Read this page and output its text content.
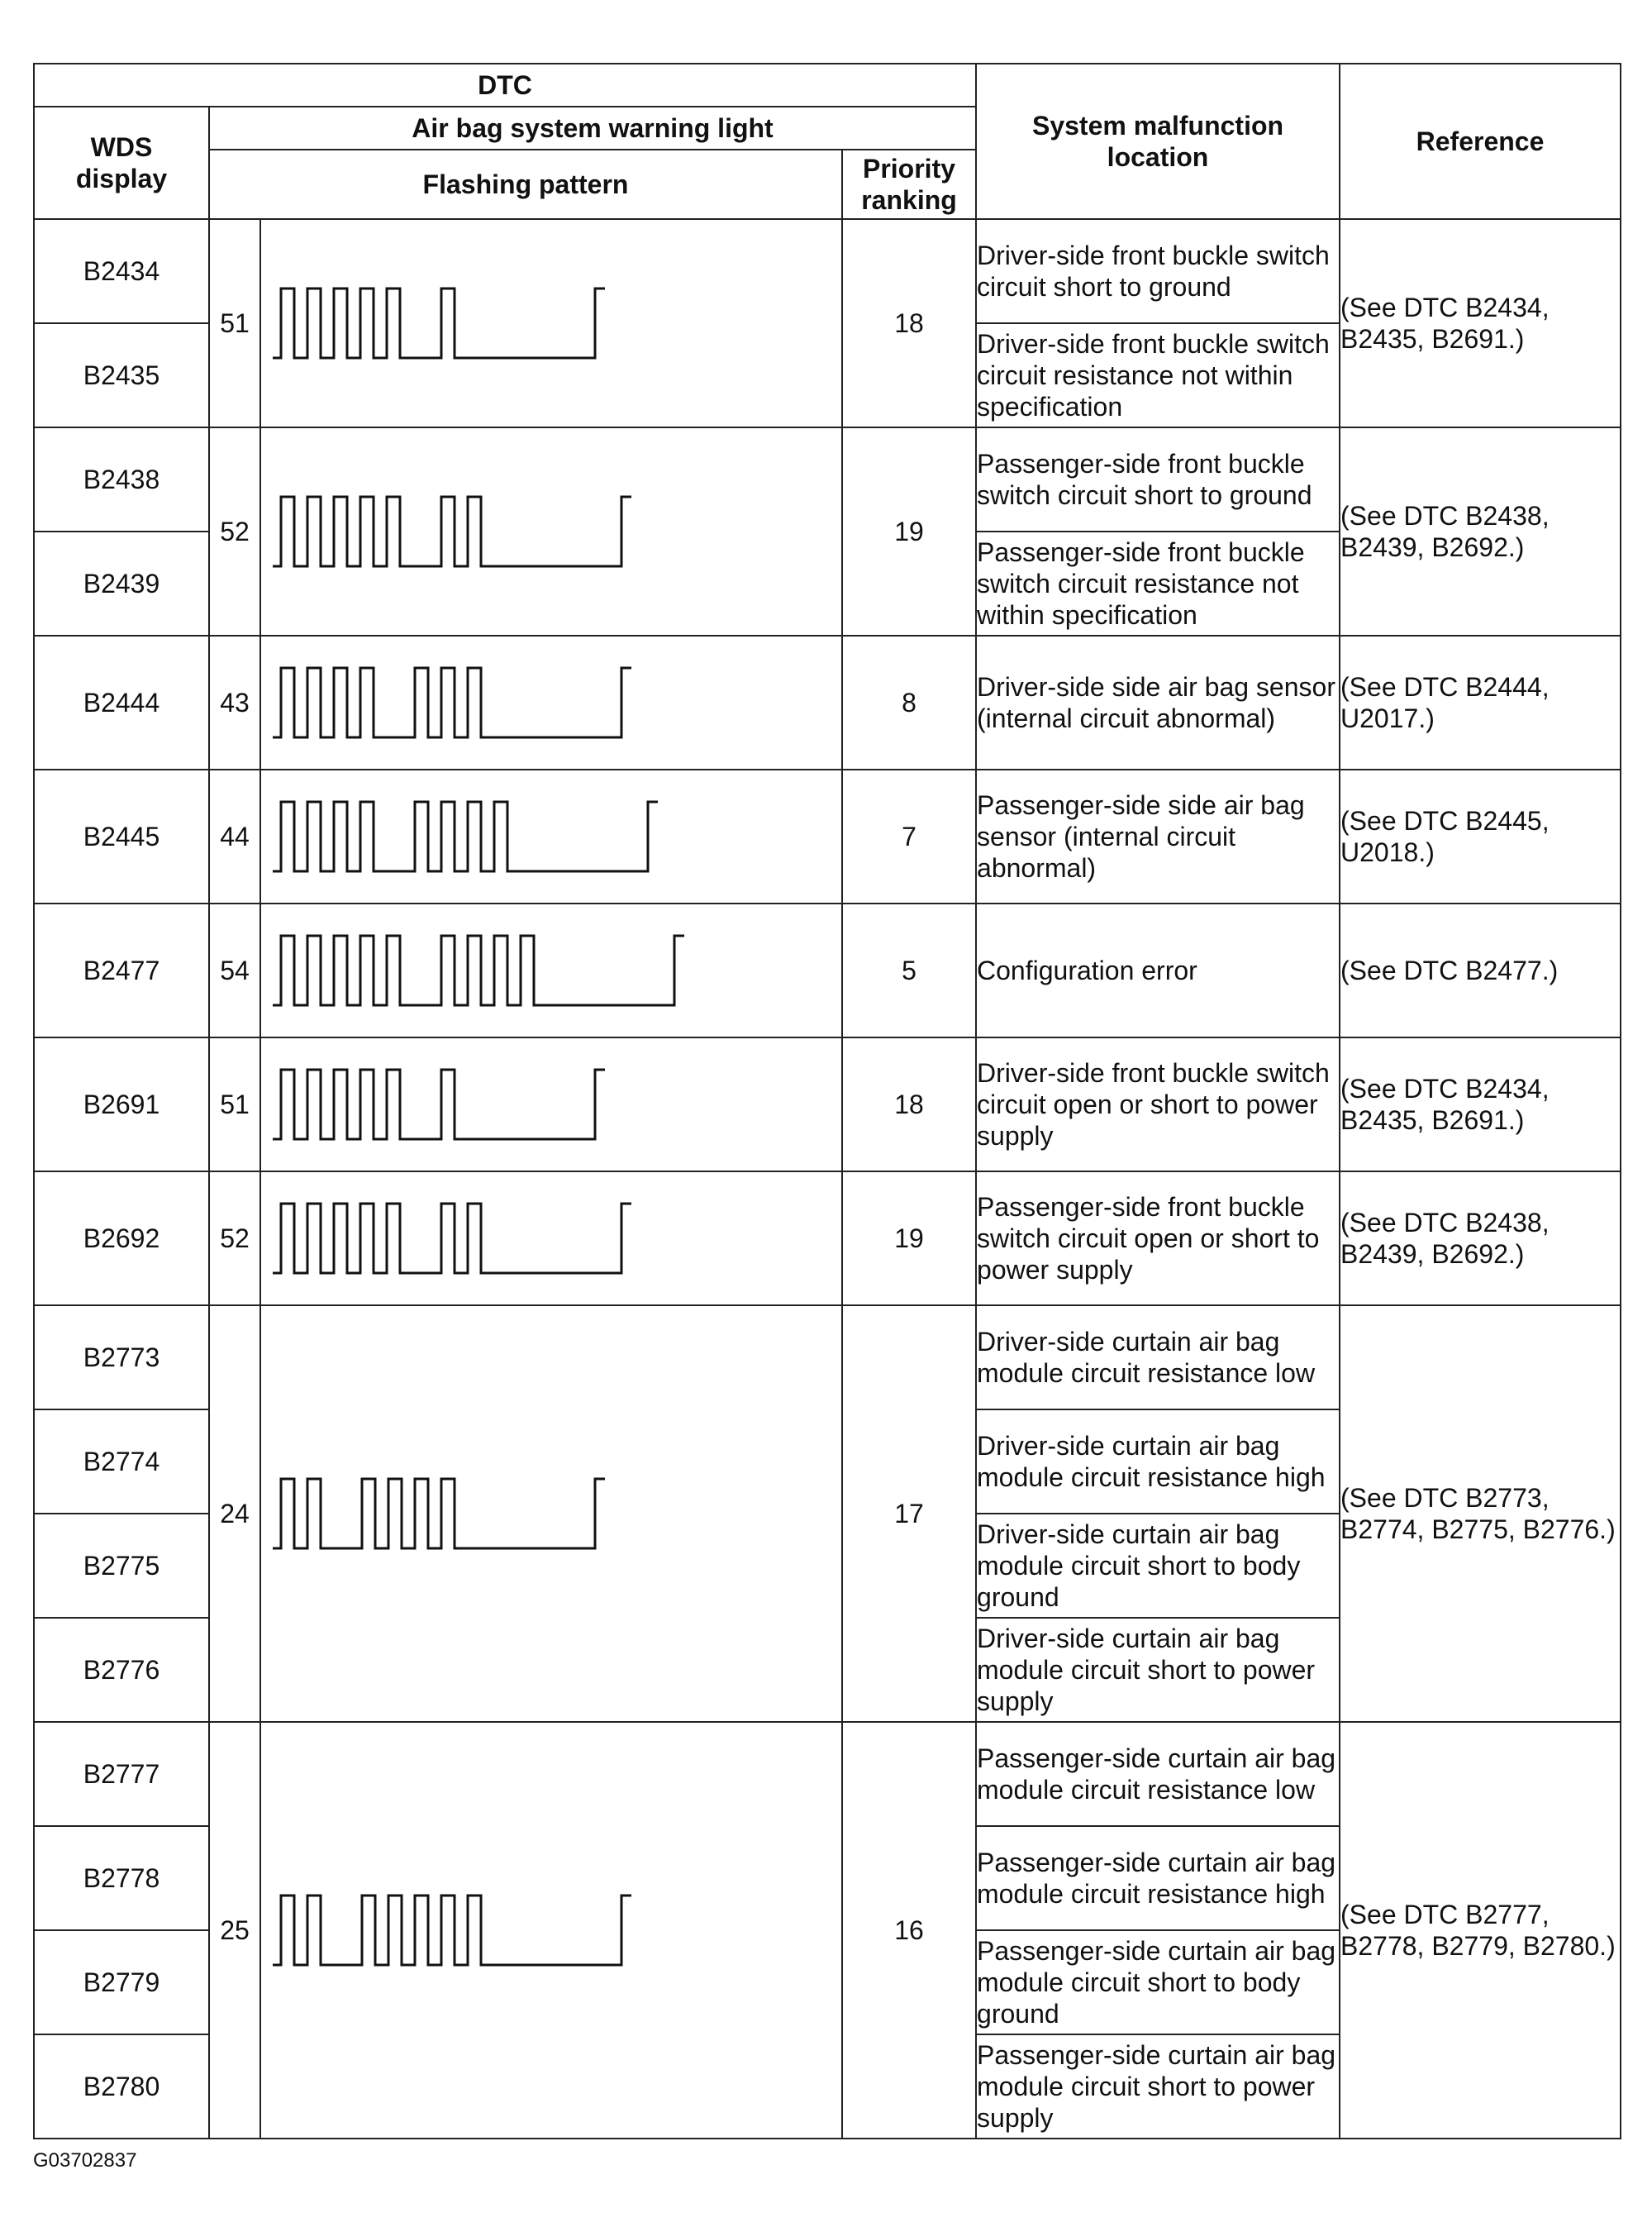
DTC				System malfunction
location	Reference
WDS
display	Air bag system warning light				
	Flashing pattern		Priority
ranking		
B2434	51		18	Driver-side front buckle switch circuit short to ground	(See DTC B2434, B2435, B2691.)
B2435				Driver-side front buckle switch circuit resistance not within specification	
B2438	52		19	Passenger-side front buckle switch circuit short to ground	(See DTC B2438, B2439, B2692.)
B2439				Passenger-side front buckle switch circuit resistance not within specification	
B2444	43		8	Driver-side side air bag sensor (internal circuit abnormal)	(See DTC B2444, U2017.)
B2445	44		7	Passenger-side side air bag sensor (internal circuit abnormal)	(See DTC B2445, U2018.)
B2477	54		5	Configuration error	(See DTC B2477.)
B2691	51		18	Driver-side front buckle switch circuit open or short to power supply	(See DTC B2434, B2435, B2691.)
B2692	52		19	Passenger-side front buckle switch circuit open or short to power supply	(See DTC B2438, B2439, B2692.)
B2773	24		17	Driver-side curtain air bag module circuit resistance low	(See DTC B2773, B2774, B2775, B2776.)
B2774				Driver-side curtain air bag module circuit resistance high	
B2775				Driver-side curtain air bag module circuit short to body ground	
B2776				Driver-side curtain air bag module circuit short to power supply	
B2777	25		16	Passenger-side curtain air bag module circuit resistance low	(See DTC B2777, B2778, B2779, B2780.)
B2778				Passenger-side curtain air bag module circuit resistance high	
B2779				Passenger-side curtain air bag module circuit short to body ground	
B2780				Passenger-side curtain air bag module circuit short to power supply	
G03702837
